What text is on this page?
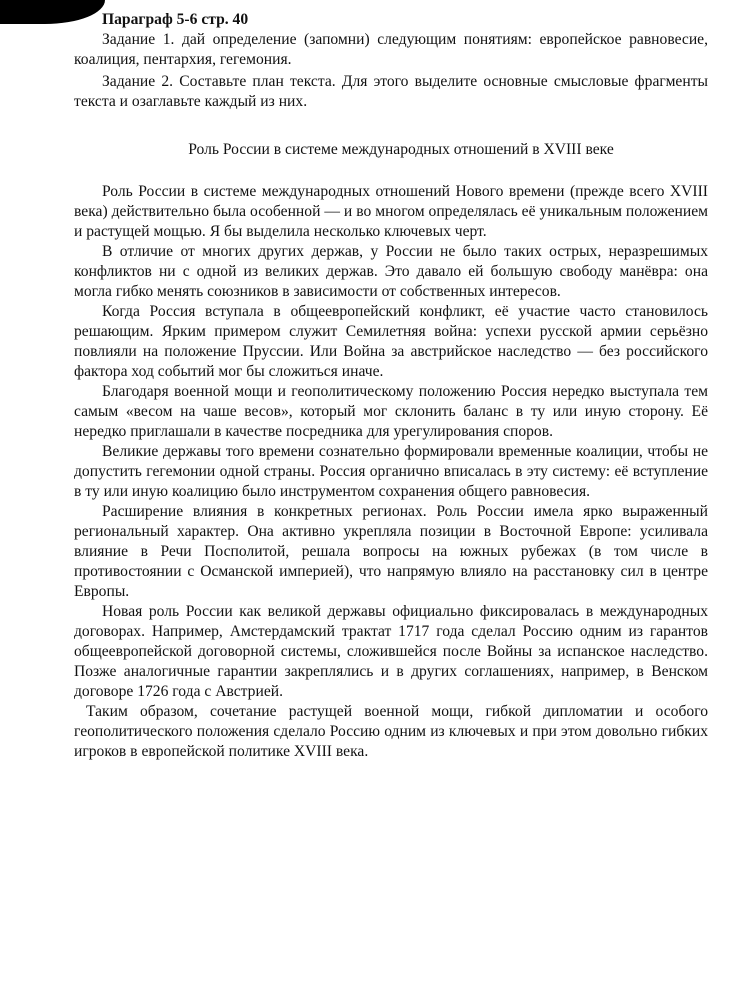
Параграф 5-6 стр. 40

Задание 1. дай определение (запомни) следующим понятиям: европейское равновесие, коалиция, пентархия, гегемония.

Задание 2. Составьте план текста. Для этого выделите основные смысловые фрагменты текста и озаглавьте каждый из них.

Роль России в системе международных отношений в XVIII веке

Роль России в системе международных отношений Нового времени (прежде всего XVIII века) действительно была особенной — и во многом определялась её уникальным положением и растущей мощью. Я бы выделила несколько ключевых черт.

В отличие от многих других держав, у России не было таких острых, неразрешимых конфликтов ни с одной из великих держав. Это давало ей большую свободу манёвра: она могла гибко менять союзников в зависимости от собственных интересов.

Когда Россия вступала в общеевропейский конфликт, её участие часто становилось решающим. Ярким примером служит Семилетняя война: успехи русской армии серьёзно повлияли на положение Пруссии. Или Война за австрийское наследство — без российского фактора ход событий мог бы сложиться иначе.

Благодаря военной мощи и геополитическому положению Россия нередко выступала тем самым «весом на чаше весов», который мог склонить баланс в ту или иную сторону. Её нередко приглашали в качестве посредника для урегулирования споров.

Великие державы того времени сознательно формировали временные коалиции, чтобы не допустить гегемонии одной страны. Россия органично вписалась в эту систему: её вступление в ту или иную коалицию было инструментом сохранения общего равновесия.

Расширение влияния в конкретных регионах. Роль России имела ярко выраженный региональный характер. Она активно укрепляла позиции в Восточной Европе: усиливала влияние в Речи Посполитой, решала вопросы на южных рубежах (в том числе в противостоянии с Османской империей), что напрямую влияло на расстановку сил в центре Европы.

Новая роль России как великой державы официально фиксировалась в международных договорах. Например, Амстердамский трактат 1717 года сделал Россию одним из гарантов общеевропейской договорной системы, сложившейся после Войны за испанское наследство. Позже аналогичные гарантии закреплялись и в других соглашениях, например, в Венском договоре 1726 года с Австрией.

Таким образом, сочетание растущей военной мощи, гибкой дипломатии и особого геополитического положения сделало Россию одним из ключевых и при этом довольно гибких игроков в европейской политике XVIII века.
